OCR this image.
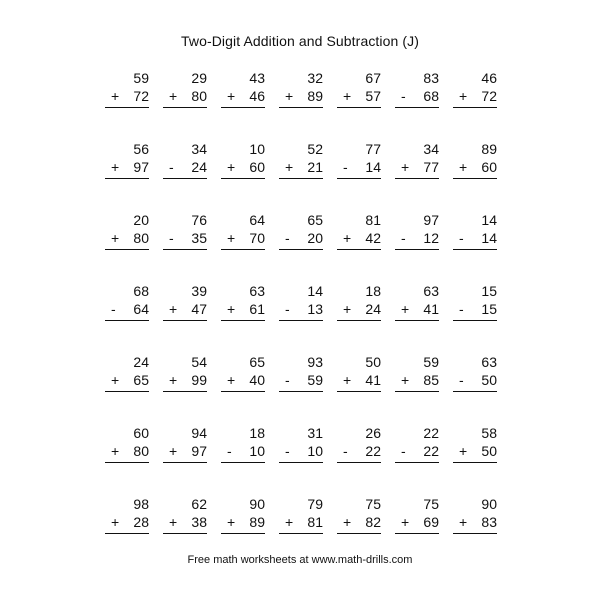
Two-Digit Addition and Subtraction (J)
59
+ 72
29
+ 80
43
+ 46
32
+ 89
67
+ 57
83
- 68
46
+ 72
56
+ 97
34
- 24
10
+ 60
52
+ 21
77
- 14
34
+ 77
89
+ 60
20
+ 80
76
- 35
64
+ 70
65
- 20
81
+ 42
97
- 12
14
- 14
68
- 64
39
+ 47
63
+ 61
14
- 13
18
+ 24
63
+ 41
15
- 15
24
+ 65
54
+ 99
65
+ 40
93
- 59
50
+ 41
59
+ 85
63
- 50
60
+ 80
94
+ 97
18
- 10
31
- 10
26
- 22
22
- 22
58
+ 50
98
+ 28
62
+ 38
90
+ 89
79
+ 81
75
+ 82
75
+ 69
90
+ 83
Free math worksheets at www.math-drills.com
